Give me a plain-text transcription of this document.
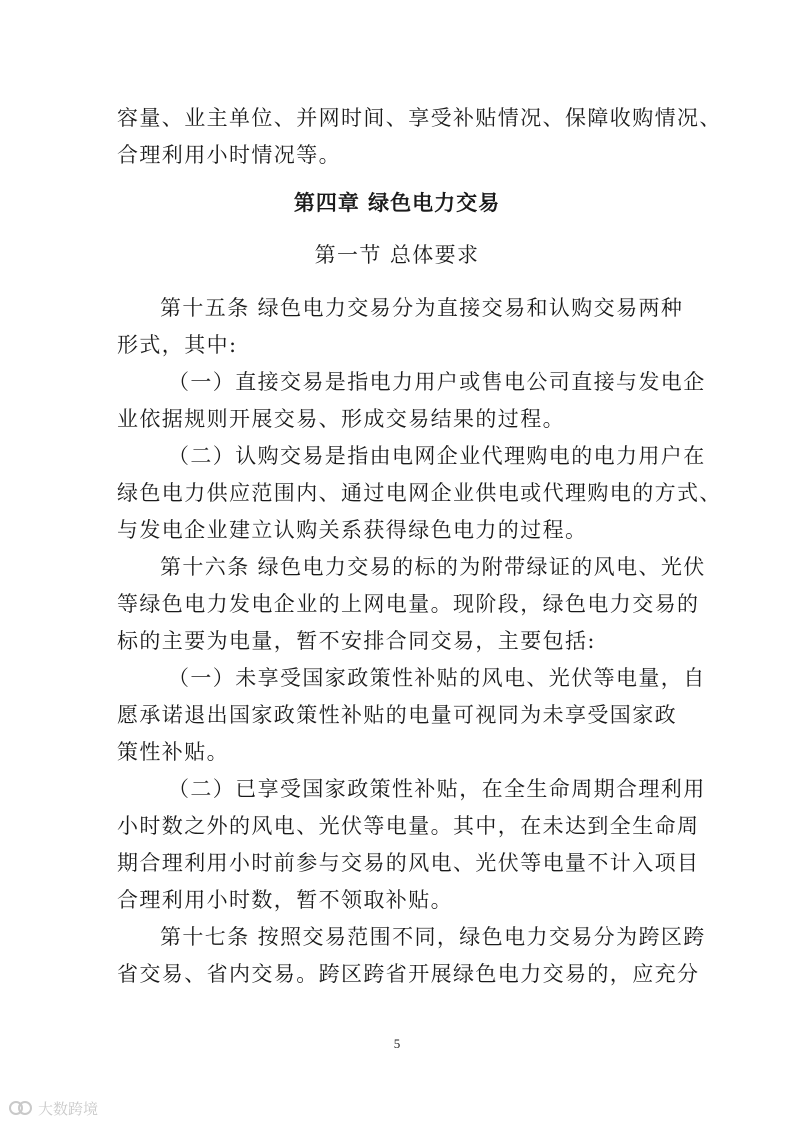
容量、业主单位、并网时间、享受补贴情况、保障收购情况、
合理利用小时情况等。
第四章 绿色电力交易
第一节 总体要求
第十五条 绿色电力交易分为直接交易和认购交易两种
形式，其中:
（一）直接交易是指电力用户或售电公司直接与发电企
业依据规则开展交易、形成交易结果的过程。
（二）认购交易是指由电网企业代理购电的电力用户在
绿色电力供应范围内、通过电网企业供电或代理购电的方式、
与发电企业建立认购关系获得绿色电力的过程。
第十六条 绿色电力交易的标的为附带绿证的风电、光伏
等绿色电力发电企业的上网电量。现阶段，绿色电力交易的
标的主要为电量，暂不安排合同交易，主要包括:
（一）未享受国家政策性补贴的风电、光伏等电量，自
愿承诺退出国家政策性补贴的电量可视同为未享受国家政
策性补贴。
（二）已享受国家政策性补贴，在全生命周期合理利用
小时数之外的风电、光伏等电量。其中，在未达到全生命周
期合理利用小时前参与交易的风电、光伏等电量不计入项目
合理利用小时数，暂不领取补贴。
第十七条 按照交易范围不同，绿色电力交易分为跨区跨
省交易、省内交易。跨区跨省开展绿色电力交易的，应充分
5
大数跨境
